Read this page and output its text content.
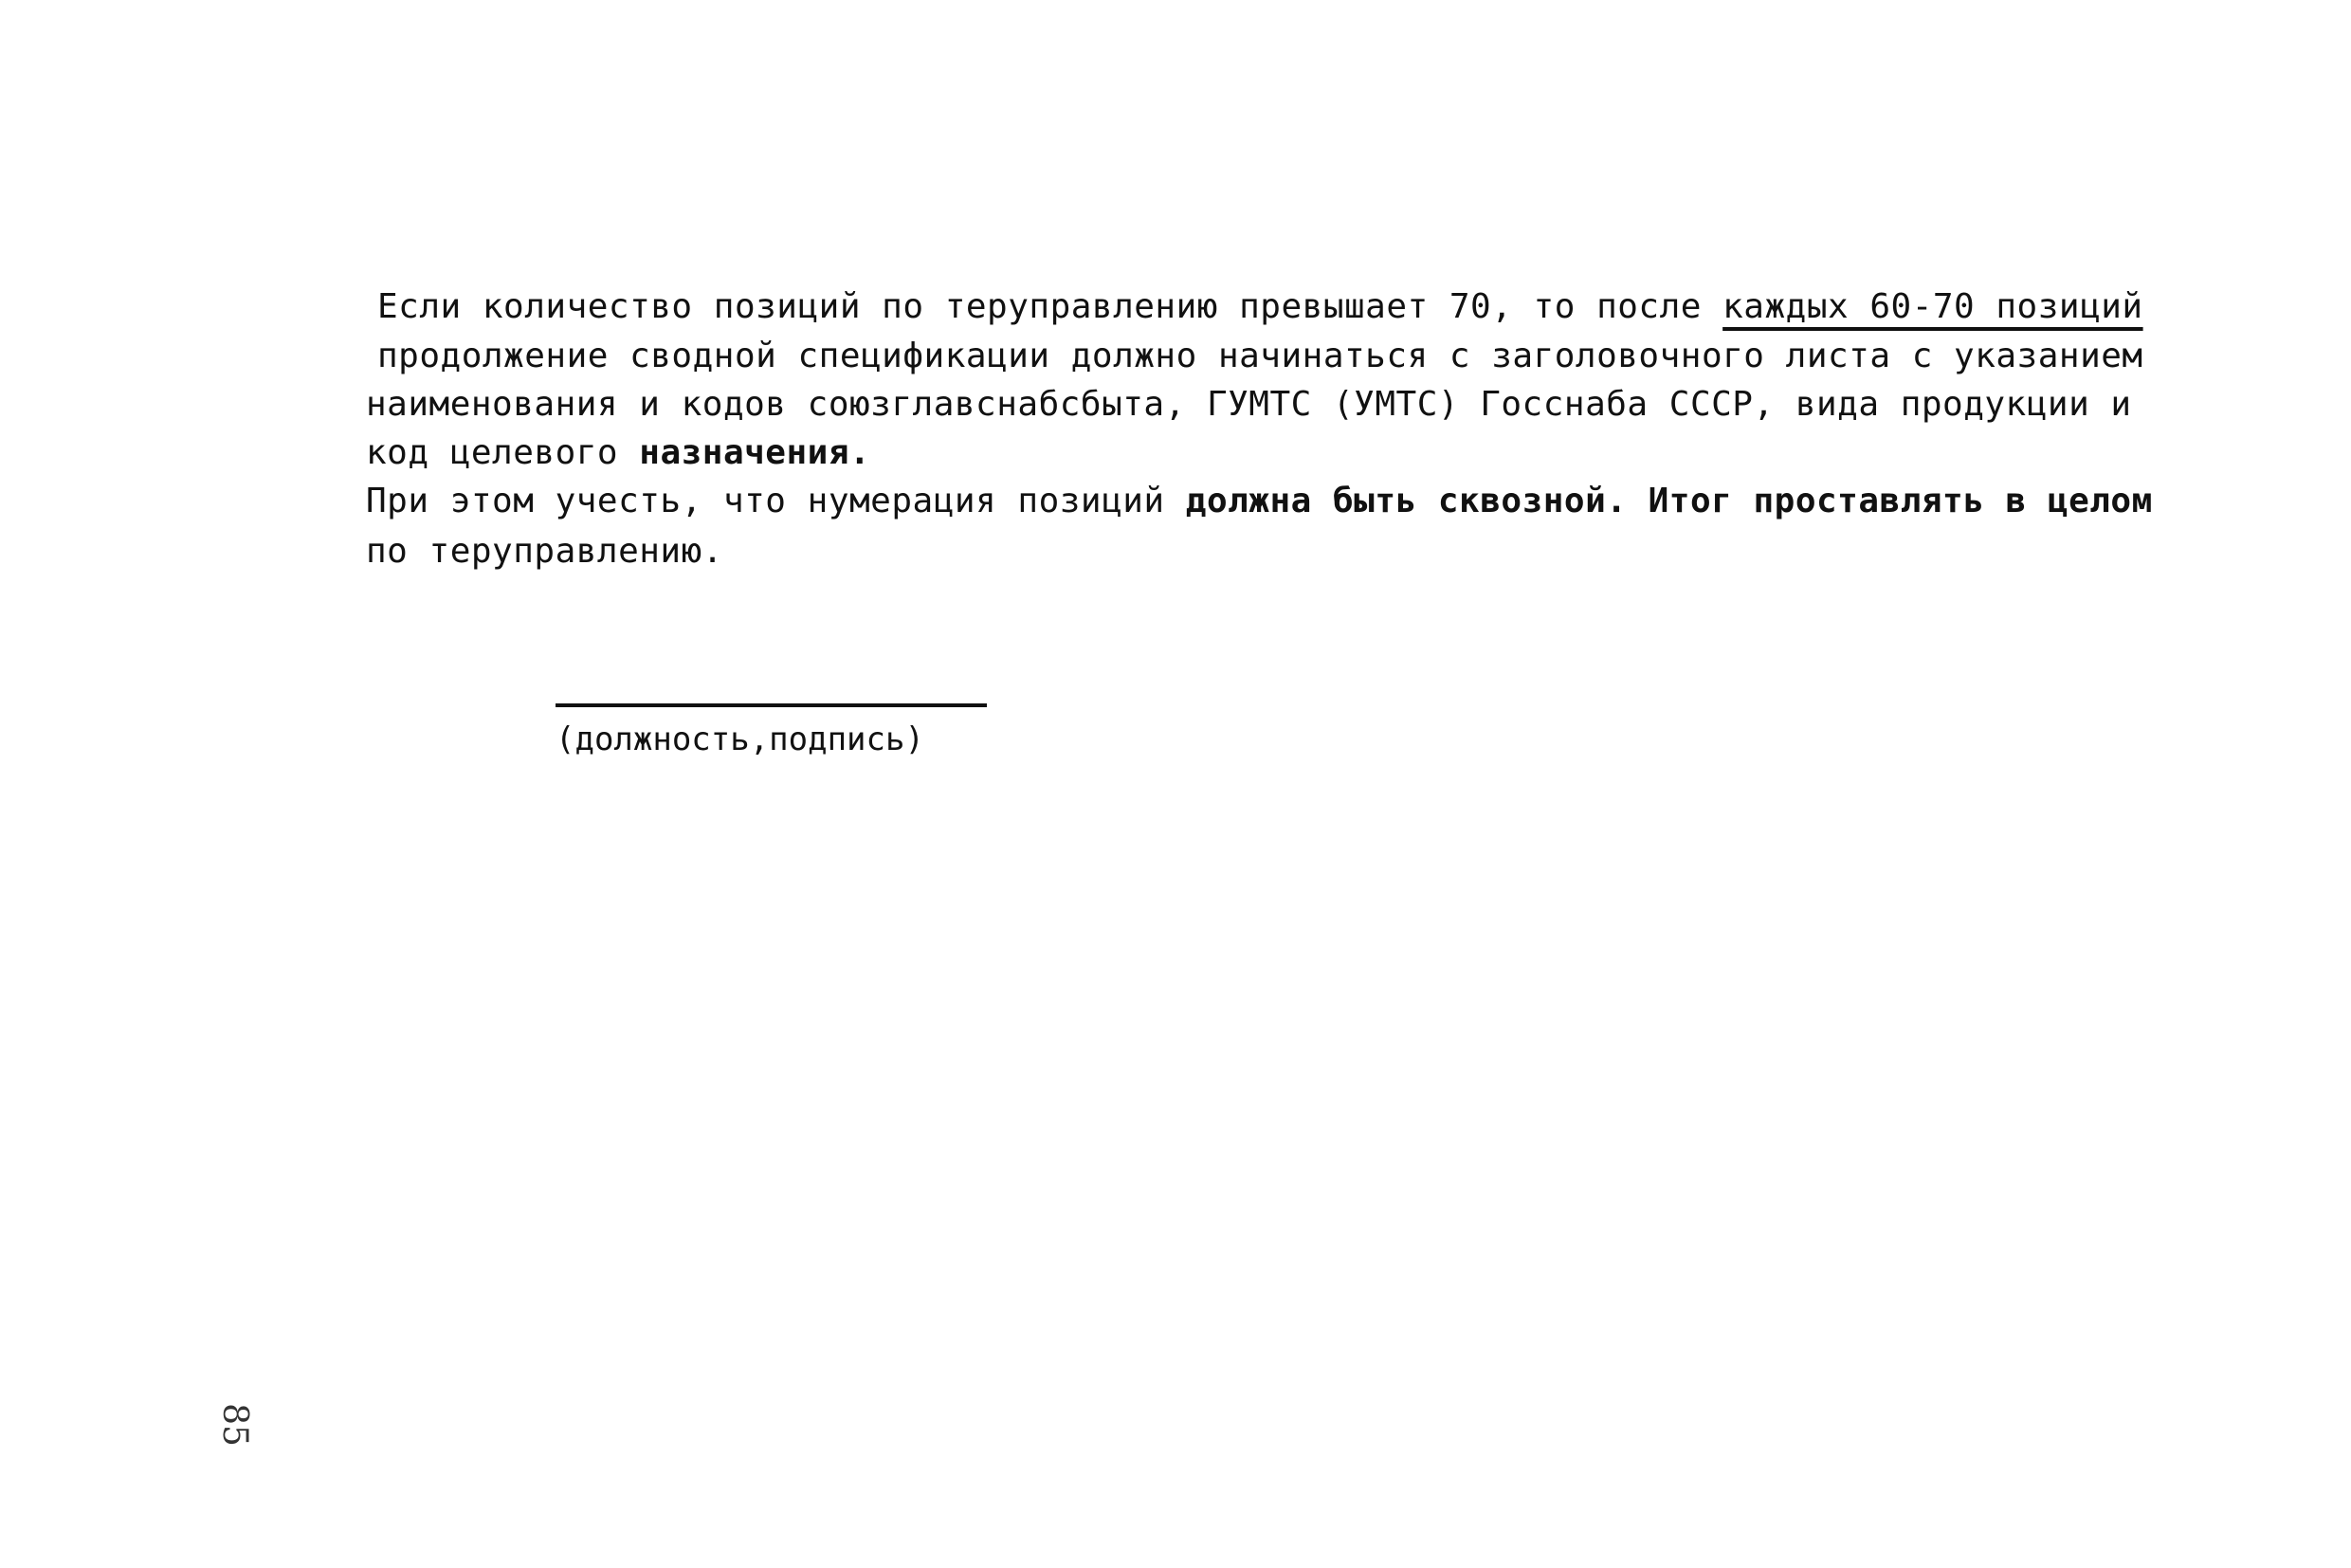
Если количество позиций по теруправлению превышает 70, то после каждых 60-70 позиций
продолжение сводной спецификации должно начинаться с заголовочного листа с указанием
наименования и кодов союзглавснабсбыта, ГУМТС (УМТС) Госснаба СССР, вида продукции и
код целевого назначения.
При этом учесть, что нумерация позиций должна быть сквозной. Итог проставлять в целом
по теруправлению.
(должность,подпись)
85
